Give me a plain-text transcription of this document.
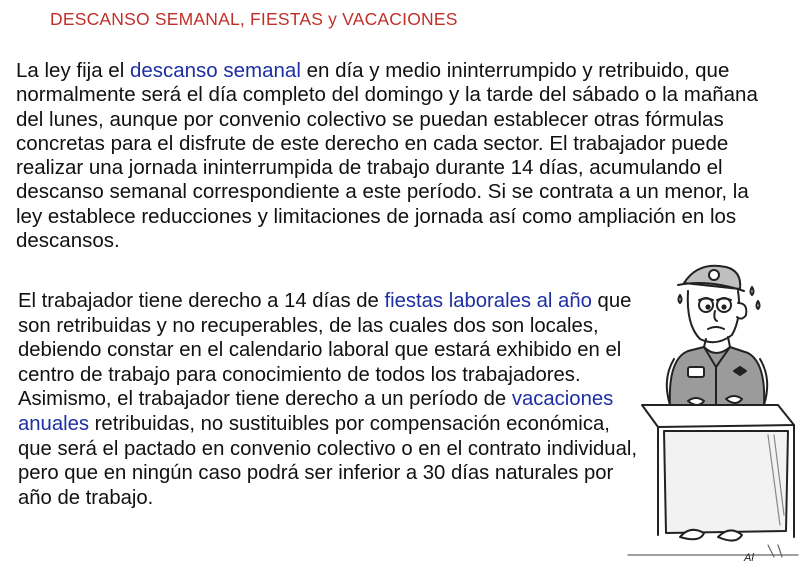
DESCANSO SEMANAL, FIESTAS y VACACIONES
La ley fija el descanso semanal en día y medio ininterrumpido y retribuido, que normalmente será el día completo del domingo y la tarde del sábado o la mañana del lunes, aunque por convenio colectivo se puedan establecer otras fórmulas concretas para el disfrute de este derecho en cada sector. El trabajador puede realizar una jornada ininterrumpida de trabajo durante 14 días, acumulando el descanso semanal correspondiente a este período. Si se contrata a un menor, la ley establece reducciones y limitaciones de jornada así como ampliación en los descansos.
El trabajador tiene derecho a 14 días de fiestas laborales al año que son retribuidas y no recuperables, de las cuales dos son locales, debiendo constar en el calendario laboral que estará exhibido en el centro de trabajo para conocimiento de todos los trabajadores.
Asimismo, el trabajador tiene derecho a un período de vacaciones anuales retribuidas, no sustituibles por compensación económica, que será el pactado en convenio colectivo o en el contrato individual, pero que en ningún caso podrá ser inferior a 30 días naturales por año de trabajo.
Al
